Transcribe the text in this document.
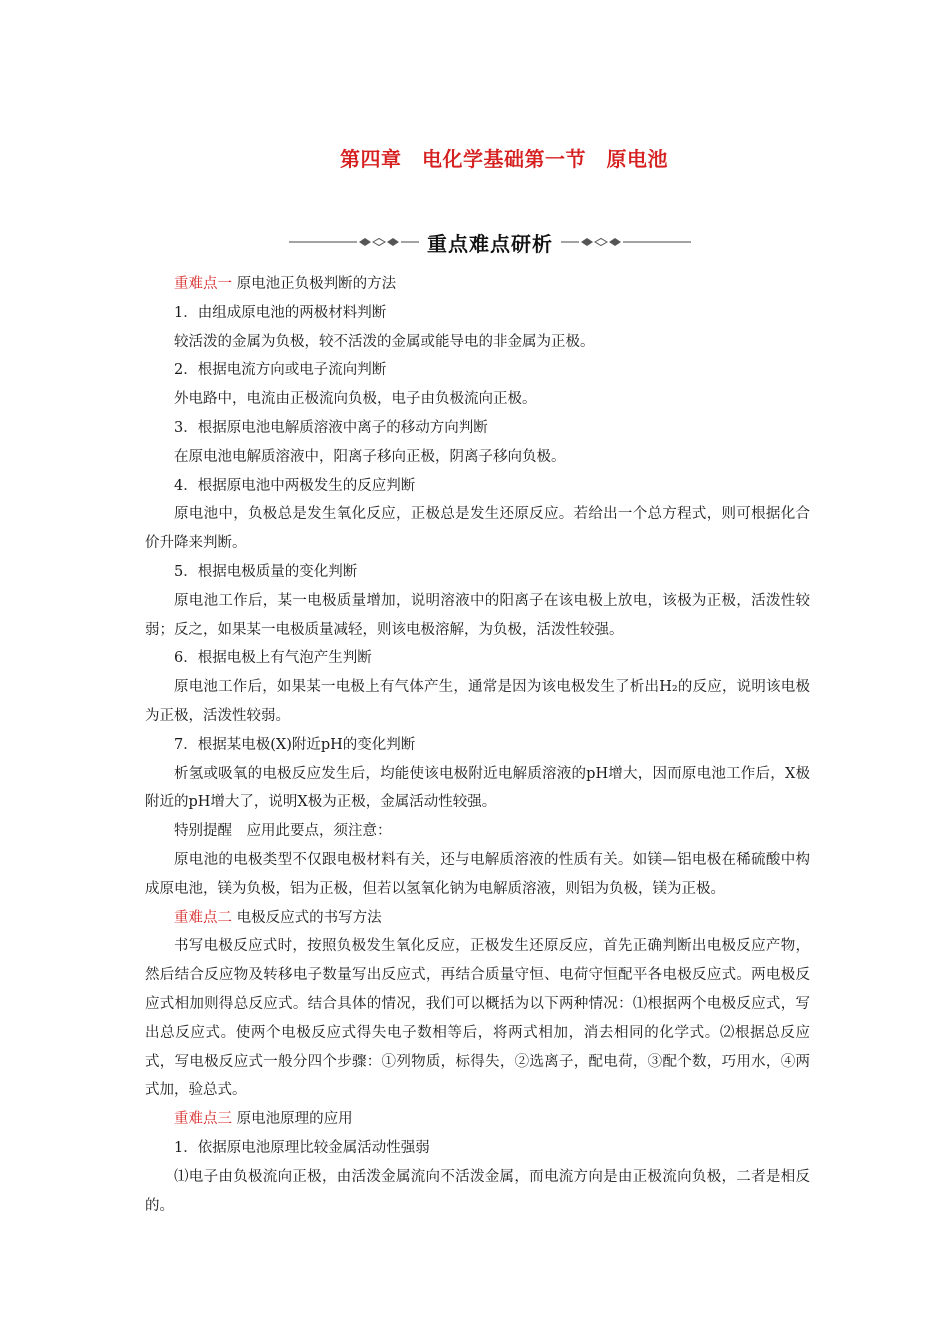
第四章　电化学基础第一节　原电池
重点难点研析

重难点一 原电池正负极判断的方法

1．由组成原电池的两极材料判断

较活泼的金属为负极，较不活泼的金属或能导电的非金属为正极。

2．根据电流方向或电子流向判断

外电路中，电流由正极流向负极，电子由负极流向正极。

3．根据原电池电解质溶液中离子的移动方向判断

在原电池电解质溶液中，阳离子移向正极，阴离子移向负极。

4．根据原电池中两极发生的反应判断

原电池中，负极总是发生氧化反应，正极总是发生还原反应。若给出一个总方程式，则可根据化合价升降来判断。

5．根据电极质量的变化判断

原电池工作后，某一电极质量增加，说明溶液中的阳离子在该电极上放电，该极为正极，活泼性较弱；反之，如果某一电极质量减轻，则该电极溶解，为负极，活泼性较强。

6．根据电极上有气泡产生判断

原电池工作后，如果某一电极上有气体产生，通常是因为该电极发生了析出H₂的反应，说明该电极为正极，活泼性较弱。

7．根据某电极(X)附近pH的变化判断

析氢或吸氧的电极反应发生后，均能使该电极附近电解质溶液的pH增大，因而原电池工作后，X极附近的pH增大了，说明X极为正极，金属活动性较强。

特别提醒　应用此要点，须注意：

原电池的电极类型不仅跟电极材料有关，还与电解质溶液的性质有关。如镁—铝电极在稀硫酸中构成原电池，镁为负极，铝为正极，但若以氢氧化钠为电解质溶液，则铝为负极，镁为正极。

重难点二 电极反应式的书写方法

书写电极反应式时，按照负极发生氧化反应，正极发生还原反应，首先正确判断出电极反应产物，然后结合反应物及转移电子数量写出反应式，再结合质量守恒、电荷守恒配平各电极反应式。两电极反应式相加则得总反应式。结合具体的情况，我们可以概括为以下两种情况：⑴根据两个电极反应式，写出总反应式。使两个电极反应式得失电子数相等后，将两式相加，消去相同的化学式。⑵根据总反应式，写电极反应式一般分四个步骤：①列物质，标得失，②选离子，配电荷，③配个数，巧用水，④两式加，验总式。

重难点三 原电池原理的应用

1．依据原电池原理比较金属活动性强弱

⑴电子由负极流向正极，由活泼金属流向不活泼金属，而电流方向是由正极流向负极，二者是相反的。
